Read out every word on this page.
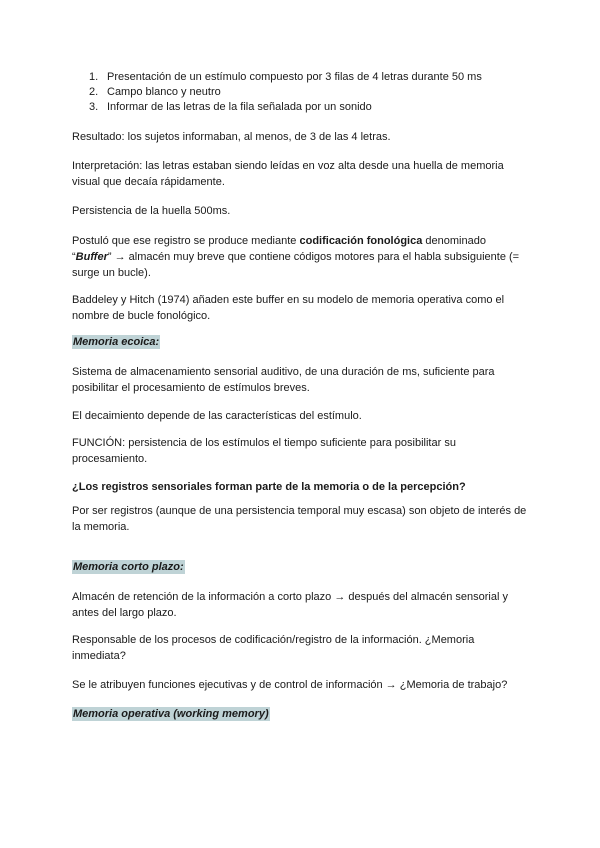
1. Presentación de un estímulo compuesto por 3 filas de 4 letras durante 50 ms
2. Campo blanco y neutro
3. Informar de las letras de la fila señalada por un sonido

Resultado: los sujetos informaban, al menos, de 3 de las 4 letras.

Interpretación: las letras estaban siendo leídas en voz alta desde una huella de memoria visual que decaía rápidamente.

Persistencia de la huella 500ms.

Postuló que ese registro se produce mediante codificación fonológica denominado “Buffer” → almacén muy breve que contiene códigos motores para el habla subsiguiente (= surge un bucle).

Baddeley y Hitch (1974) añaden este buffer en su modelo de memoria operativa como el nombre de bucle fonológico.

Memoria ecoica:

Sistema de almacenamiento sensorial auditivo, de una duración de ms, suficiente para posibilitar el procesamiento de estímulos breves.

El decaimiento depende de las características del estímulo.

FUNCIÓN: persistencia de los estímulos el tiempo suficiente para posibilitar su procesamiento.

¿Los registros sensoriales forman parte de la memoria o de la percepción?

Por ser registros (aunque de una persistencia temporal muy escasa) son objeto de interés de la memoria.

Memoria corto plazo:

Almacén de retención de la información a corto plazo → después del almacén sensorial y antes del largo plazo.

Responsable de los procesos de codificación/registro de la información. ¿Memoria inmediata?

Se le atribuyen funciones ejecutivas y de control de información → ¿Memoria de trabajo?

Memoria operativa (working memory)
